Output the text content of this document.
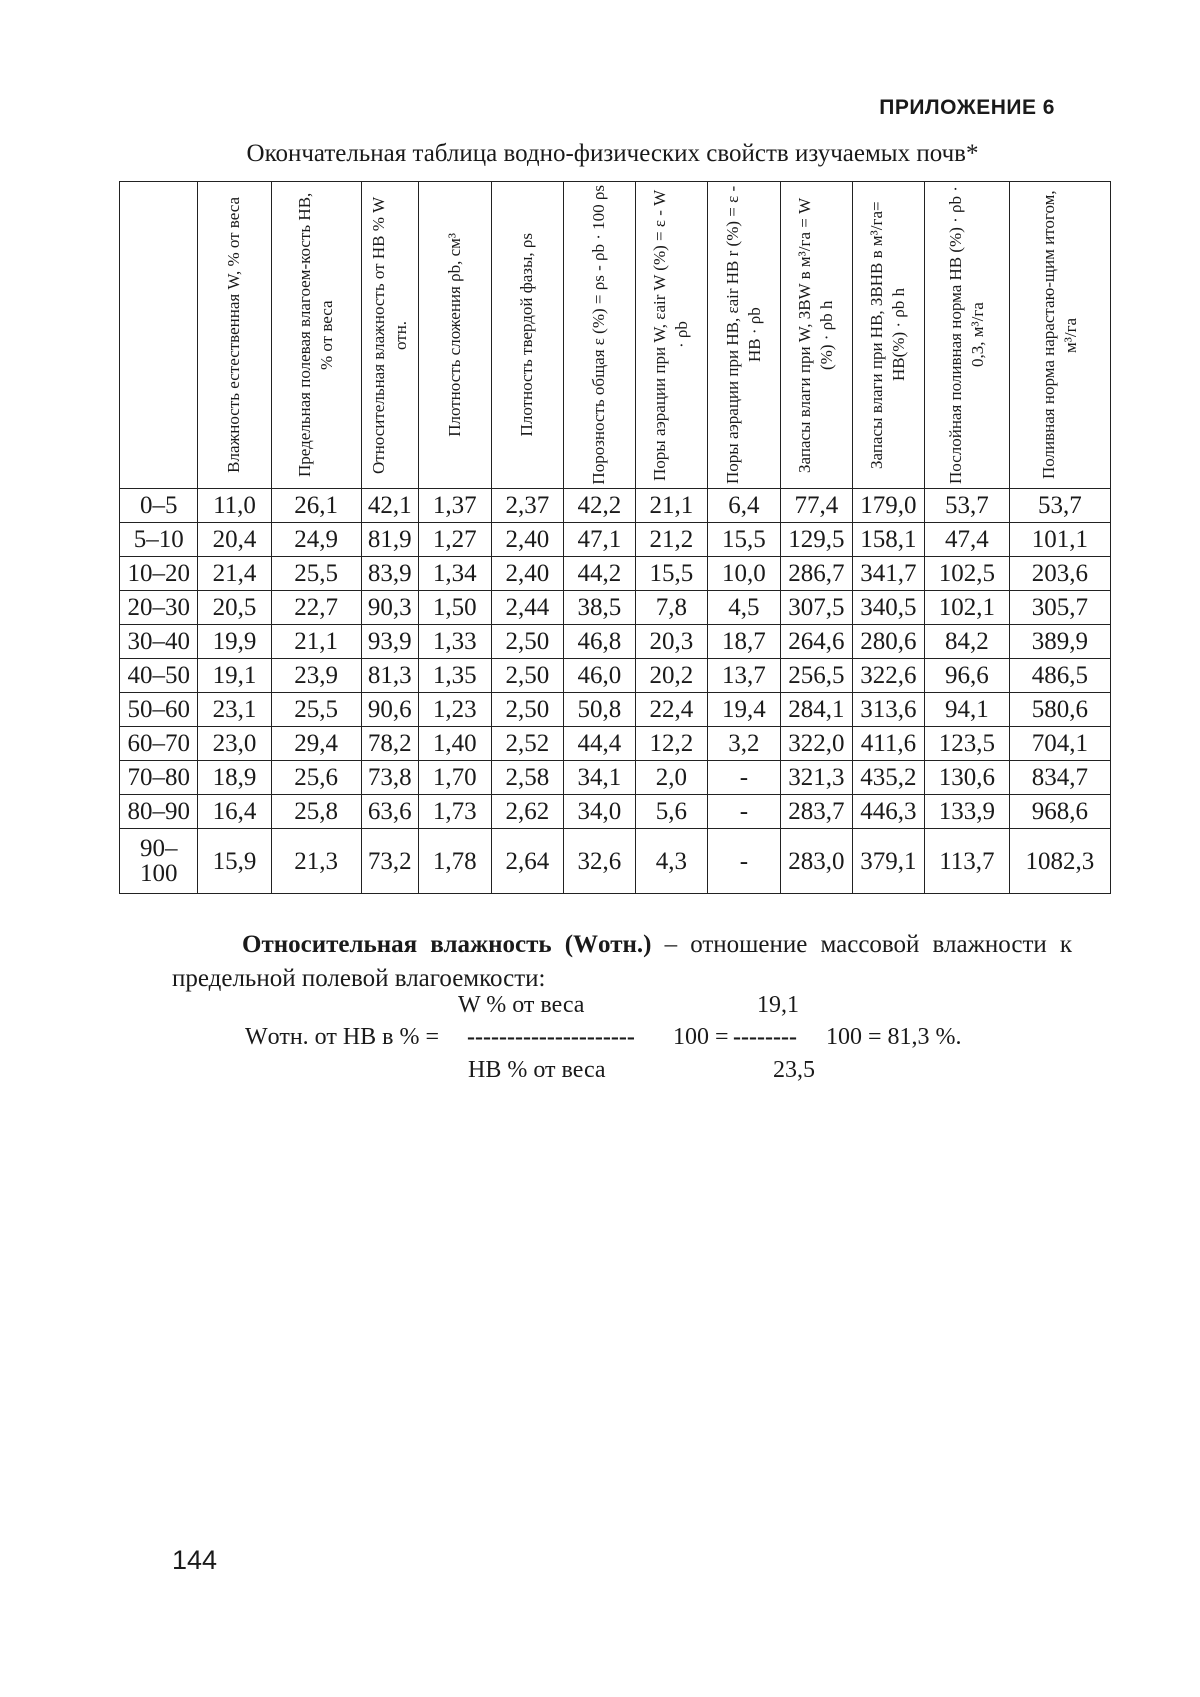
ПРИЛОЖЕНИЕ 6
Окончательная таблица водно-физических свойств изучаемых почв*

	Влажность естественная W, % от веса	Предельная полевая влагоем-кость НВ, % от веса	Относительная влажность от НВ % W отн.	Плотность сложения ρb, см³	Плотность твердой фазы, ρs	Порозность общая ε (%) = ρs - ρb · 100 ρs	Поры аэрации при W, εair W (%) = ε - W · ρb	Поры аэрации при НВ, εair НВ r (%) = ε - НВ · ρb	Запасы влаги при W, ЗВW в м³/га = W (%) · ρb h	Запасы влаги при НВ, ЗВНВ в м³/га= НВ(%) · ρb h	Послойная поливная норма НВ (%) · ρb · 0,3, м³/га	Поливная норма нарастаю-щим итогом, м³/га

0–5	11,0	26,1	42,1	1,37	2,37	42,2	21,1	6,4	77,4	179,0	53,7	53,7
5–10	20,4	24,9	81,9	1,27	2,40	47,1	21,2	15,5	129,5	158,1	47,4	101,1
10–20	21,4	25,5	83,9	1,34	2,40	44,2	15,5	10,0	286,7	341,7	102,5	203,6
20–30	20,5	22,7	90,3	1,50	2,44	38,5	7,8	4,5	307,5	340,5	102,1	305,7
30–40	19,9	21,1	93,9	1,33	2,50	46,8	20,3	18,7	264,6	280,6	84,2	389,9
40–50	19,1	23,9	81,3	1,35	2,50	46,0	20,2	13,7	256,5	322,6	96,6	486,5
50–60	23,1	25,5	90,6	1,23	2,50	50,8	22,4	19,4	284,1	313,6	94,1	580,6
60–70	23,0	29,4	78,2	1,40	2,52	44,4	12,2	3,2	322,0	411,6	123,5	704,1
70–80	18,9	25,6	73,8	1,70	2,58	34,1	2,0	-	321,3	435,2	130,6	834,7
80–90	16,4	25,8	63,6	1,73	2,62	34,0	5,6	-	283,7	446,3	133,9	968,6
90– 100	15,9	21,3	73,2	1,78	2,64	32,6	4,3	-	283,0	379,1	113,7	1082,3
Относительная влажность (Wотн.) – отношение массовой влажности к предельной полевой влагоемкости:
W % от веса	19,1
Wотн. от НВ в % = --------------------- 100 = -------- 100 = 81,3 %.
НВ % от веса	23,5
144
